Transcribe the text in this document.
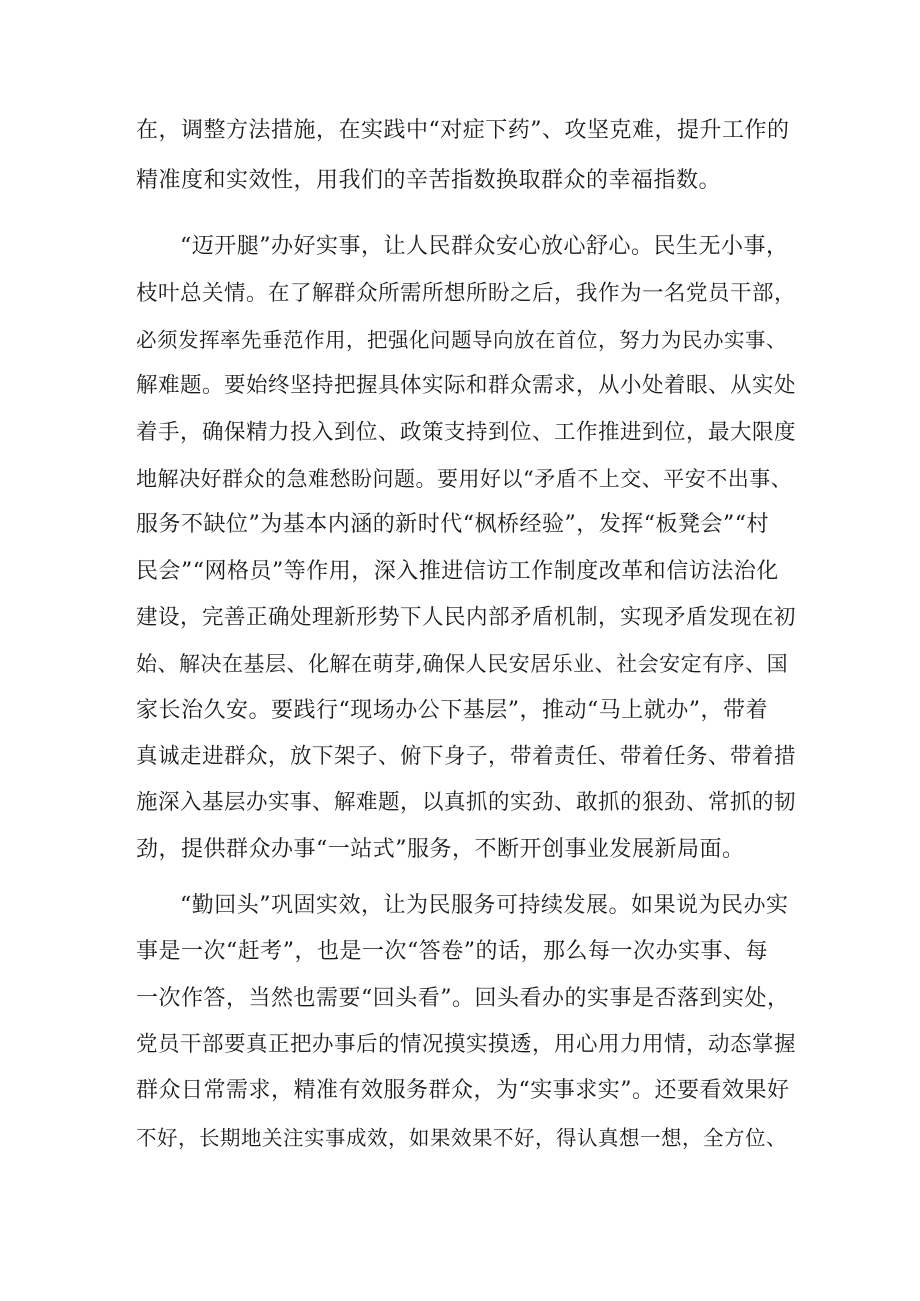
在，调整方法措施，在实践中“对症下药”、攻坚克难，提升工作的
精准度和实效性，用我们的辛苦指数换取群众的幸福指数。
“迈开腿”办好实事，让人民群众安心放心舒心。民生无小事，
枝叶总关情。在了解群众所需所想所盼之后，我作为一名党员干部，
必须发挥率先垂范作用，把强化问题导向放在首位，努力为民办实事、
解难题。要始终坚持把握具体实际和群众需求，从小处着眼、从实处
着手，确保精力投入到位、政策支持到位、工作推进到位，最大限度
地解决好群众的急难愁盼问题。要用好以“矛盾不上交、平安不出事、
服务不缺位”为基本内涵的新时代“枫桥经验”，发挥“板凳会”“村
民会”“网格员”等作用，深入推进信访工作制度改革和信访法治化
建设，完善正确处理新形势下人民内部矛盾机制，实现矛盾发现在初
始、解决在基层、化解在萌芽,确保人民安居乐业、社会安定有序、国
家长治久安。要践行“现场办公下基层”，推动“马上就办”，带着
真诚走进群众，放下架子、俯下身子，带着责任、带着任务、带着措
施深入基层办实事、解难题，以真抓的实劲、敢抓的狠劲、常抓的韧
劲，提供群众办事“一站式”服务，不断开创事业发展新局面。
“勤回头”巩固实效，让为民服务可持续发展。如果说为民办实
事是一次“赶考”，也是一次“答卷”的话，那么每一次办实事、每
一次作答，当然也需要“回头看”。回头看办的实事是否落到实处，
党员干部要真正把办事后的情况摸实摸透，用心用力用情，动态掌握
群众日常需求，精准有效服务群众，为“实事求实”。还要看效果好
不好，长期地关注实事成效，如果效果不好，得认真想一想，全方位、
